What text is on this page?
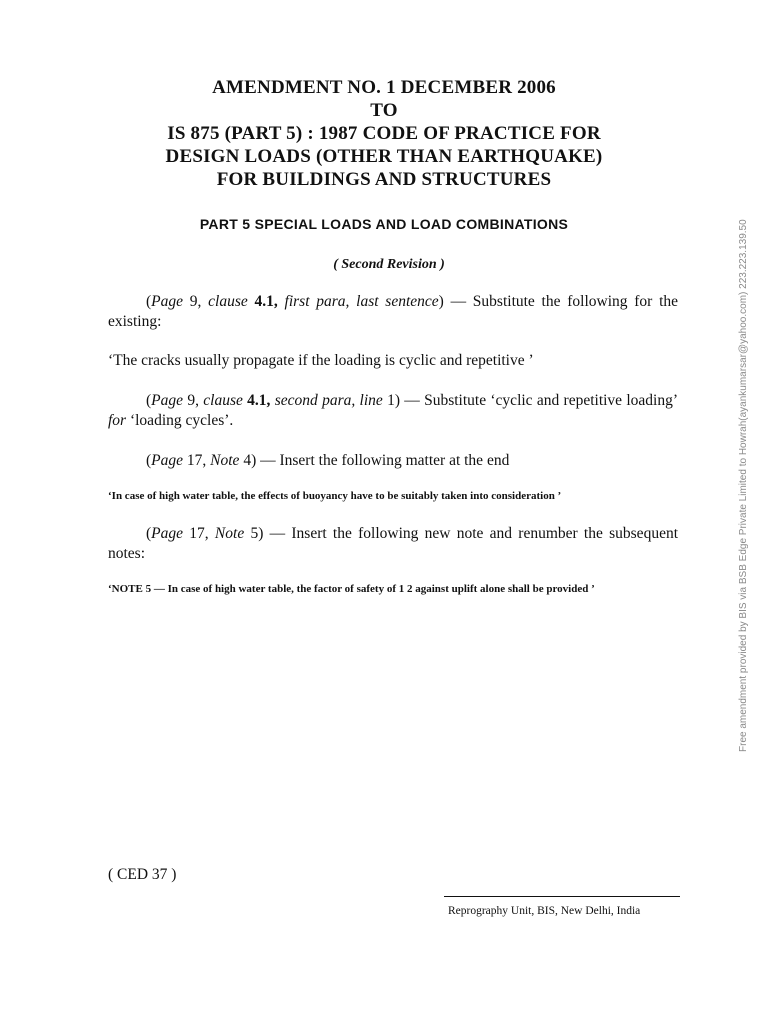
AMENDMENT NO. 1 DECEMBER 2006
TO
IS 875 (PART 5) : 1987 CODE OF PRACTICE FOR
DESIGN LOADS (OTHER THAN EARTHQUAKE)
FOR BUILDINGS AND STRUCTURES
PART 5 SPECIAL LOADS AND LOAD COMBINATIONS
( Second Revision )
(Page 9, clause 4.1, first para, last sentence) — Substitute the following for the existing:
‘The cracks usually propagate if the loading is cyclic and repetitive ’
(Page 9, clause 4.1, second para, line 1) — Substitute ‘cyclic and repetitive loading’ for ‘loading cycles’.
(Page 17, Note 4) — Insert the following matter at the end
‘In case of high water table, the effects of buoyancy have to be suitably taken into consideration ’
(Page 17, Note 5) — Insert the following new note and renumber the subsequent notes:
‘NOTE 5 — In case of high water table, the factor of safety of 1 2 against uplift alone shall be provided ’
( CED 37 )
Reprography Unit, BIS, New Delhi, India
Free amendment provided by BIS via BSB Edge Private Limited to Howrah(ayankumarsar@yahoo.com) 223.223.139.50
